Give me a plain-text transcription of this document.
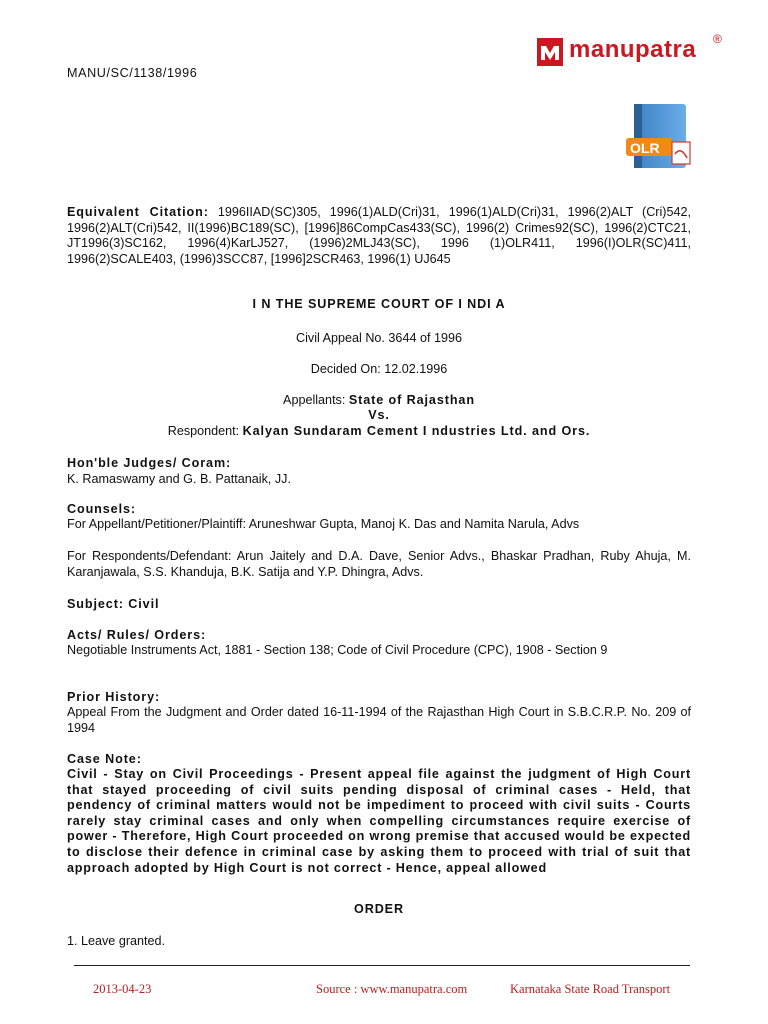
MANU/SC/1138/1996
manupatra ®
OLR
Equivalent Citation: 1996IIAD(SC)305, 1996(1)ALD(Cri)31, 1996(1)ALD(Cri)31, 1996(2)ALT (Cri)542, 1996(2)ALT(Cri)542, II(1996)BC189(SC), [1996]86CompCas433(SC), 1996(2) Crimes92(SC), 1996(2)CTC21, JT1996(3)SC162, 1996(4)KarLJ527, (1996)2MLJ43(SC), 1996 (1)OLR411, 1996(I)OLR(SC)411, 1996(2)SCALE403, (1996)3SCC87, [1996]2SCR463, 1996(1) UJ645
I N THE SUPREME COURT OF I NDI A
Civil Appeal No. 3644 of 1996
Decided On: 12.02.1996
Appellants: State of Rajasthan
Vs.
Respondent: Kalyan Sundaram Cement I ndustries Ltd. and Ors.
Hon'ble Judges/ Coram:
K. Ramaswamy and G. B. Pattanaik, JJ.
Counsels:
For Appellant/Petitioner/Plaintiff: Aruneshwar Gupta, Manoj K. Das and Namita Narula, Advs
For Respondents/Defendant: Arun Jaitely and D.A. Dave, Senior Advs., Bhaskar Pradhan, Ruby Ahuja, M. Karanjawala, S.S. Khanduja, B.K. Satija and Y.P. Dhingra, Advs.
Subject: Civil
Acts/ Rules/ Orders:
Negotiable Instruments Act, 1881 - Section 138; Code of Civil Procedure (CPC), 1908 - Section 9
Prior History:
Appeal From the Judgment and Order dated 16-11-1994 of the Rajasthan High Court in S.B.C.R.P. No. 209 of 1994
Case Note:
Civil - Stay on Civil Proceedings - Present appeal file against the judgment of High Court that stayed proceeding of civil suits pending disposal of criminal cases - Held, that pendency of criminal matters would not be impediment to proceed with civil suits - Courts rarely stay criminal cases and only when compelling circumstances require exercise of power - Therefore, High Court proceeded on wrong premise that accused would be expected to disclose their defence in criminal case by asking them to proceed with trial of suit that approach adopted by High Court is not correct - Hence, appeal allowed
ORDER
1. Leave granted.
2013-04-23	Source : www.manupatra.com	Karnataka State Road Transport
